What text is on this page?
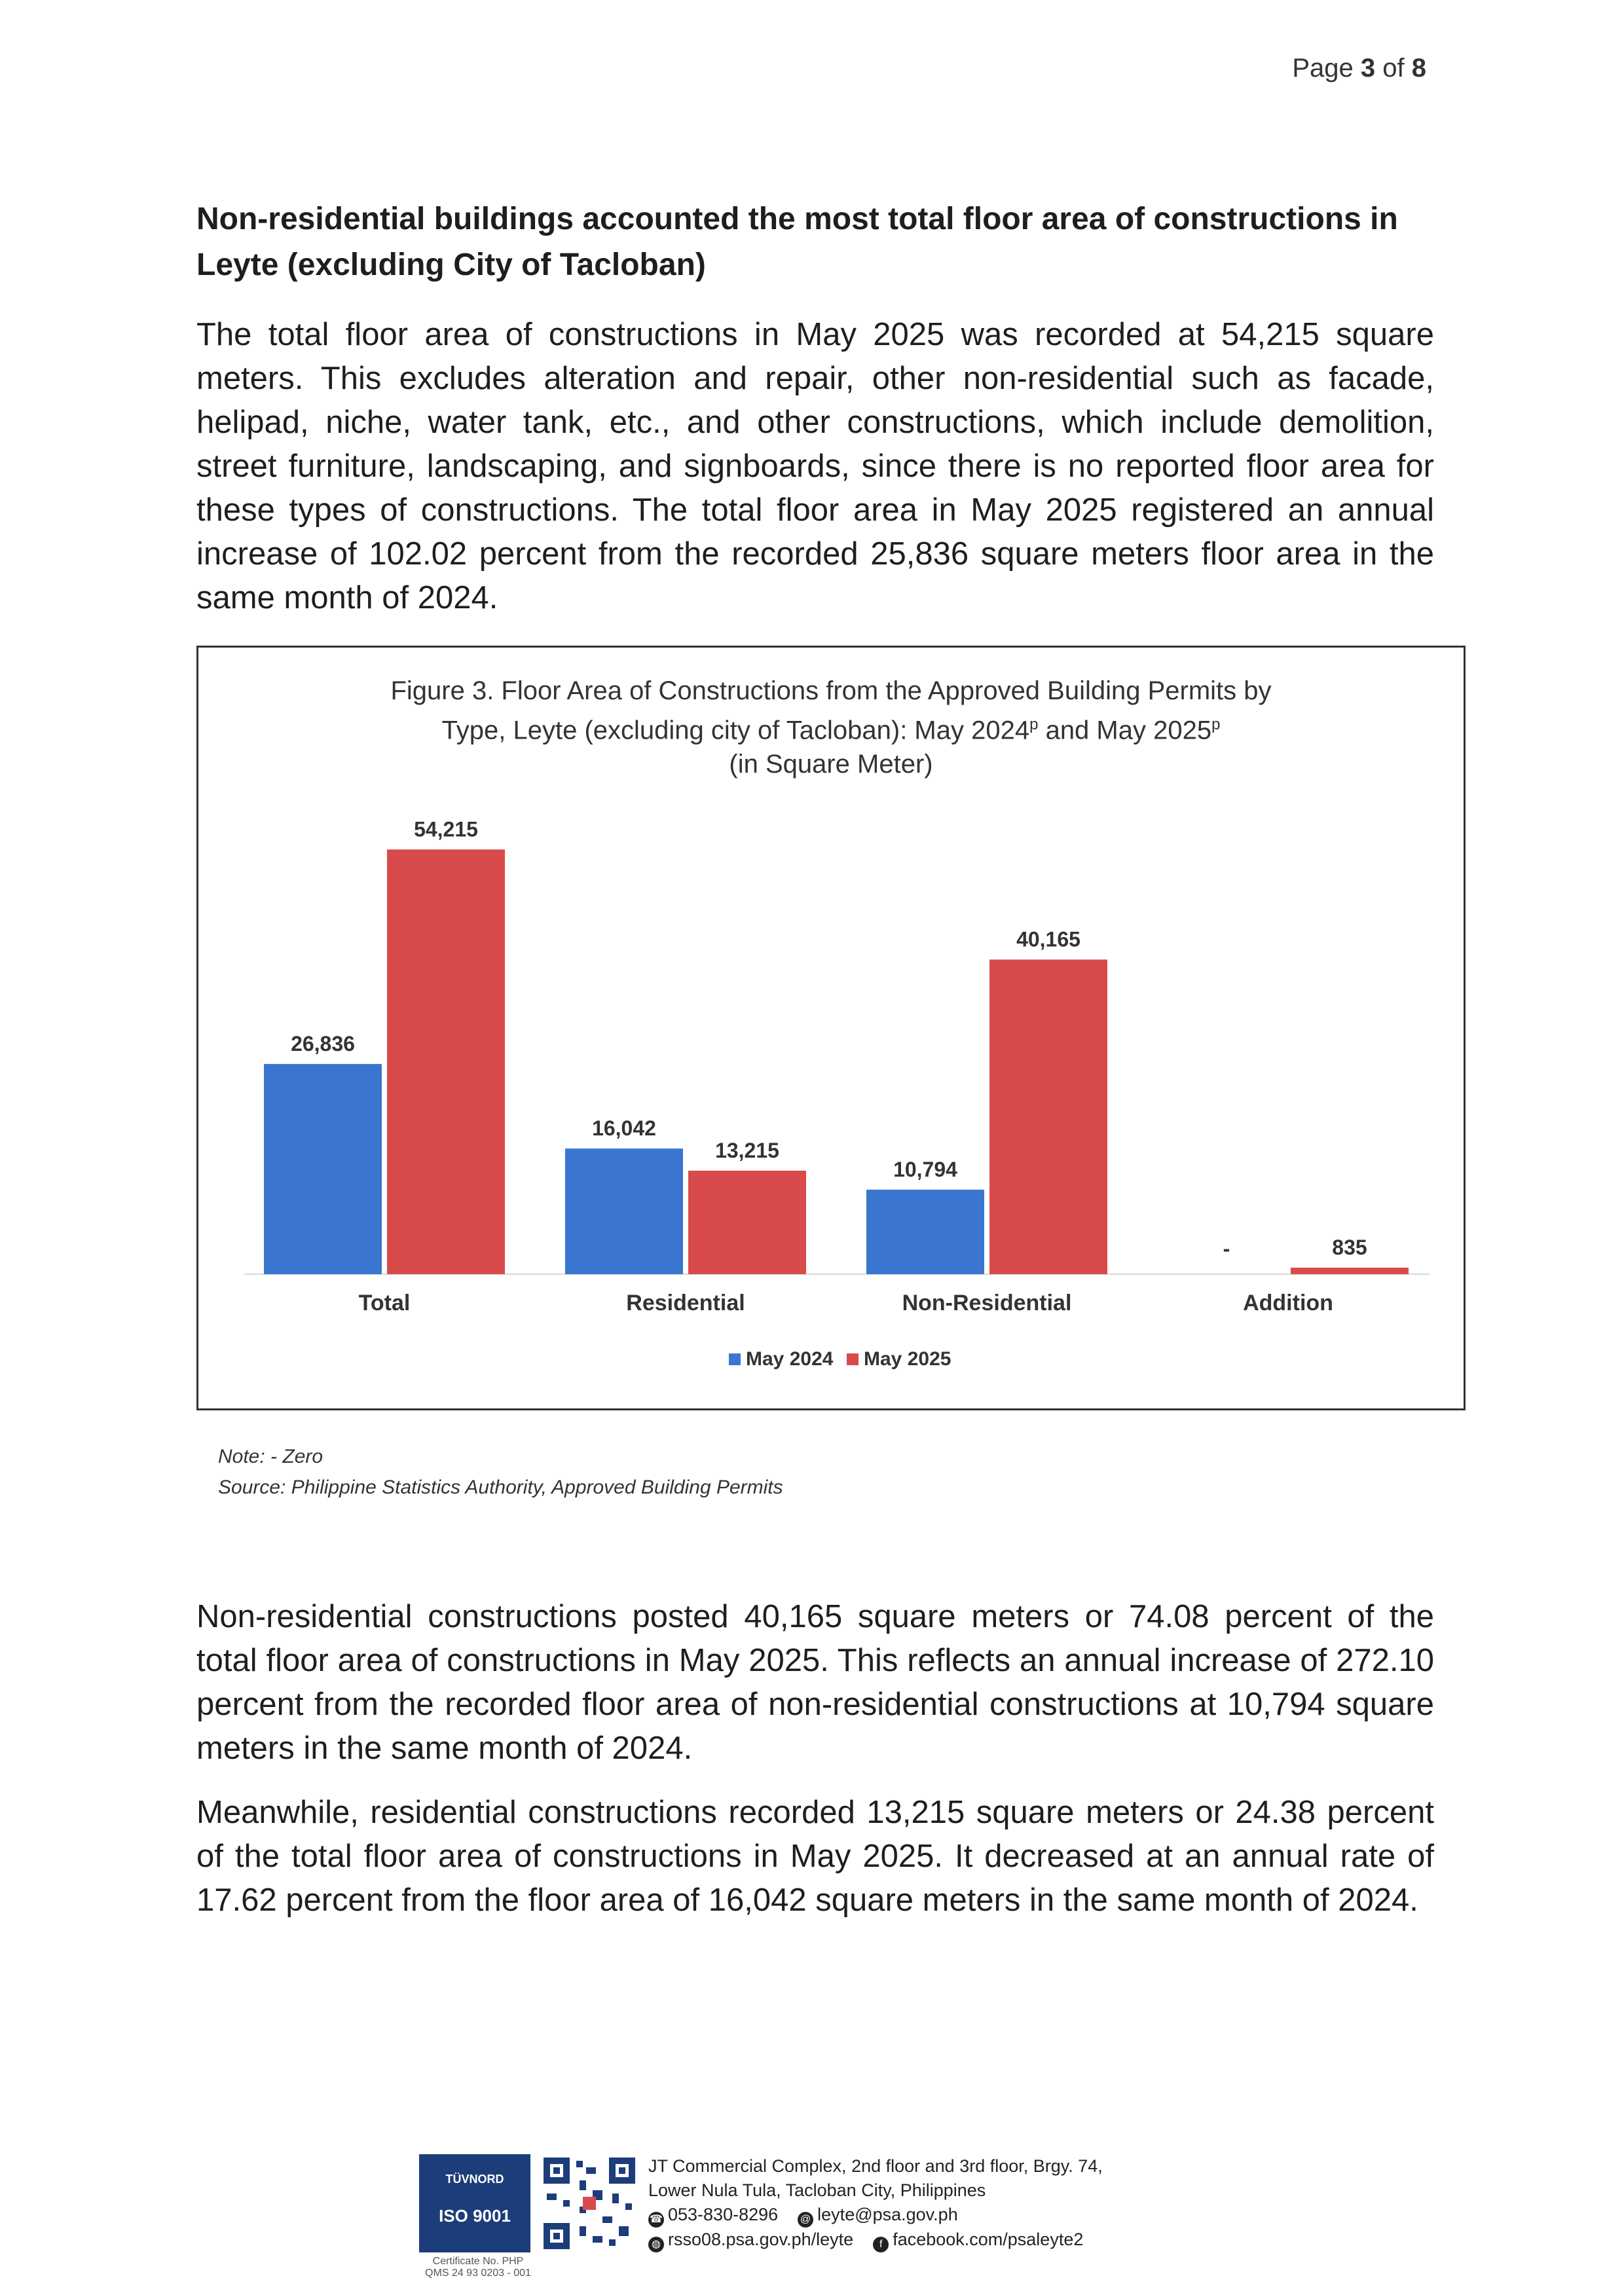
Page 3 of 8
Non-residential buildings accounted the most total floor area of constructions in Leyte (excluding City of Tacloban)
The total floor area of constructions in May 2025 was recorded at 54,215 square meters. This excludes alteration and repair, other non-residential such as facade, helipad, niche, water tank, etc., and other constructions, which include demolition, street furniture, landscaping, and signboards, since there is no reported floor area for these types of constructions. The total floor area in May 2025 registered an annual increase of 102.02 percent from the recorded 25,836 square meters floor area in the same month of 2024.
26,836
54,215
Total
16,042
13,215
Residential
10,794
40,165
Non-Residential
-	835
Addition
May 2024 May 2025
Figure 3. Floor Area of Constructions from the Approved Building Permits by
Type, Leyte (excluding city of Tacloban): May 2024$^p$ and May 2025$^p$
(in Square Meter)
Note: - Zero
Source: Philippine Statistics Authority, Approved Building Permits
Non-residential constructions posted 40,165 square meters or 74.08 percent of the total floor area of constructions in May 2025. This reflects an annual increase of 272.10 percent from the recorded floor area of non-residential constructions at 10,794 square meters in the same month of 2024.
Meanwhile, residential constructions recorded 13,215 square meters or 24.38 percent of the total floor area of constructions in May 2025. It decreased at an annual rate of 17.62 percent from the floor area of 16,042 square meters in the same month of 2024.
TÜVNORD
ISO 9001
Certificate No. PHP
QMS 24 93 0203 - 001
JT Commercial Complex, 2nd floor and 3rd floor, Brgy. 74,
Lower Nula Tula, Tacloban City, Philippines
☎ 053-830-8296 @ leyte@psa.gov.ph
◍ rsso08.psa.gov.ph/leyte f facebook.com/psaleyte2
